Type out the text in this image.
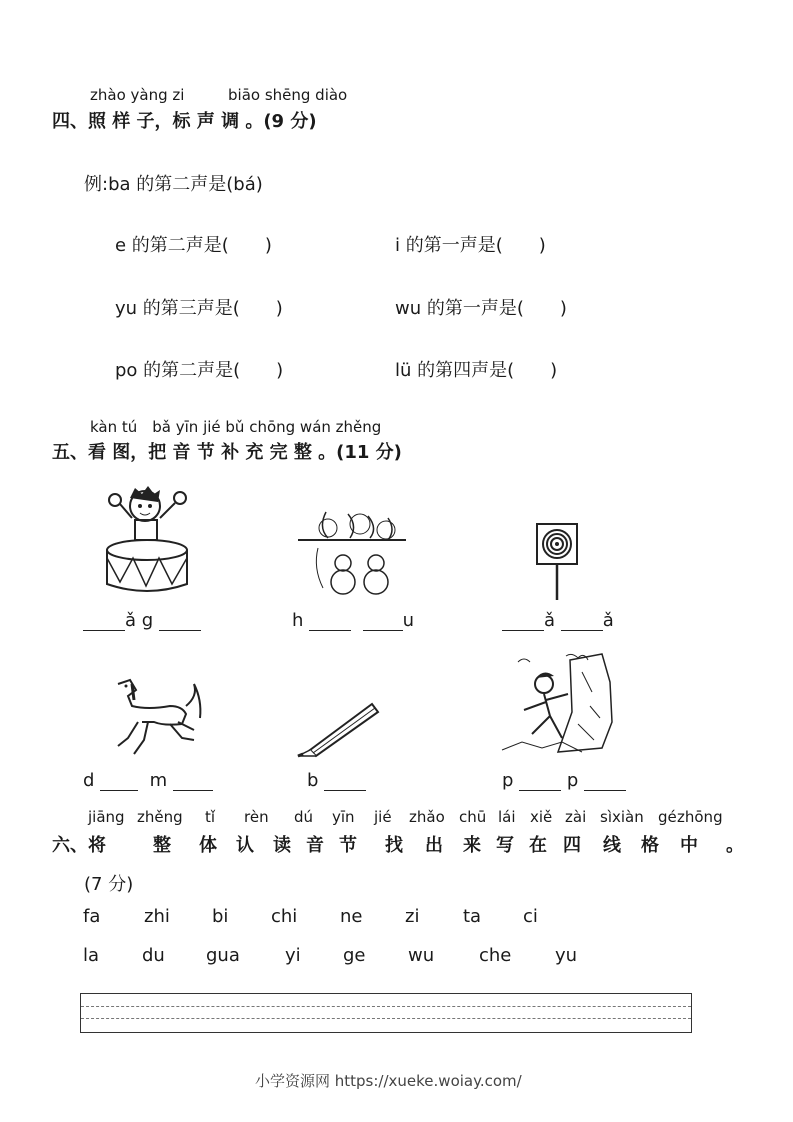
zhào yàng zi	biāo shēng diào
四、照 样 子，标 声 调 。(9 分)
例:ba 的第二声是(bá)
e 的第二声是(　　)	i 的第一声是(　　)
yu 的第三声是(　　)	wu 的第一声是(　　)
po 的第二声是(　　)	lü 的第四声是(　　)
kàn tú　bǎ yīn jié bǔ chōng wán zhěng
五、看 图，把 音 节 补 充 完 整 。(11 分)
ǎ g	h	u	ǎ	ǎ
d	m	b	p	p
jiāng zhěng tǐ rèn dú yīn jié zhǎo chū lái xiě zài sì xiàn gé zhōng
六、将	整 体 认 读 音 节 找 出 来 写 在 四 线 格 中 。
(7 分)
fa zhi bi chi ne zi ta ci
la du gua	yi ge wu che yu
小学资源网 https://xueke.woiay.com/
